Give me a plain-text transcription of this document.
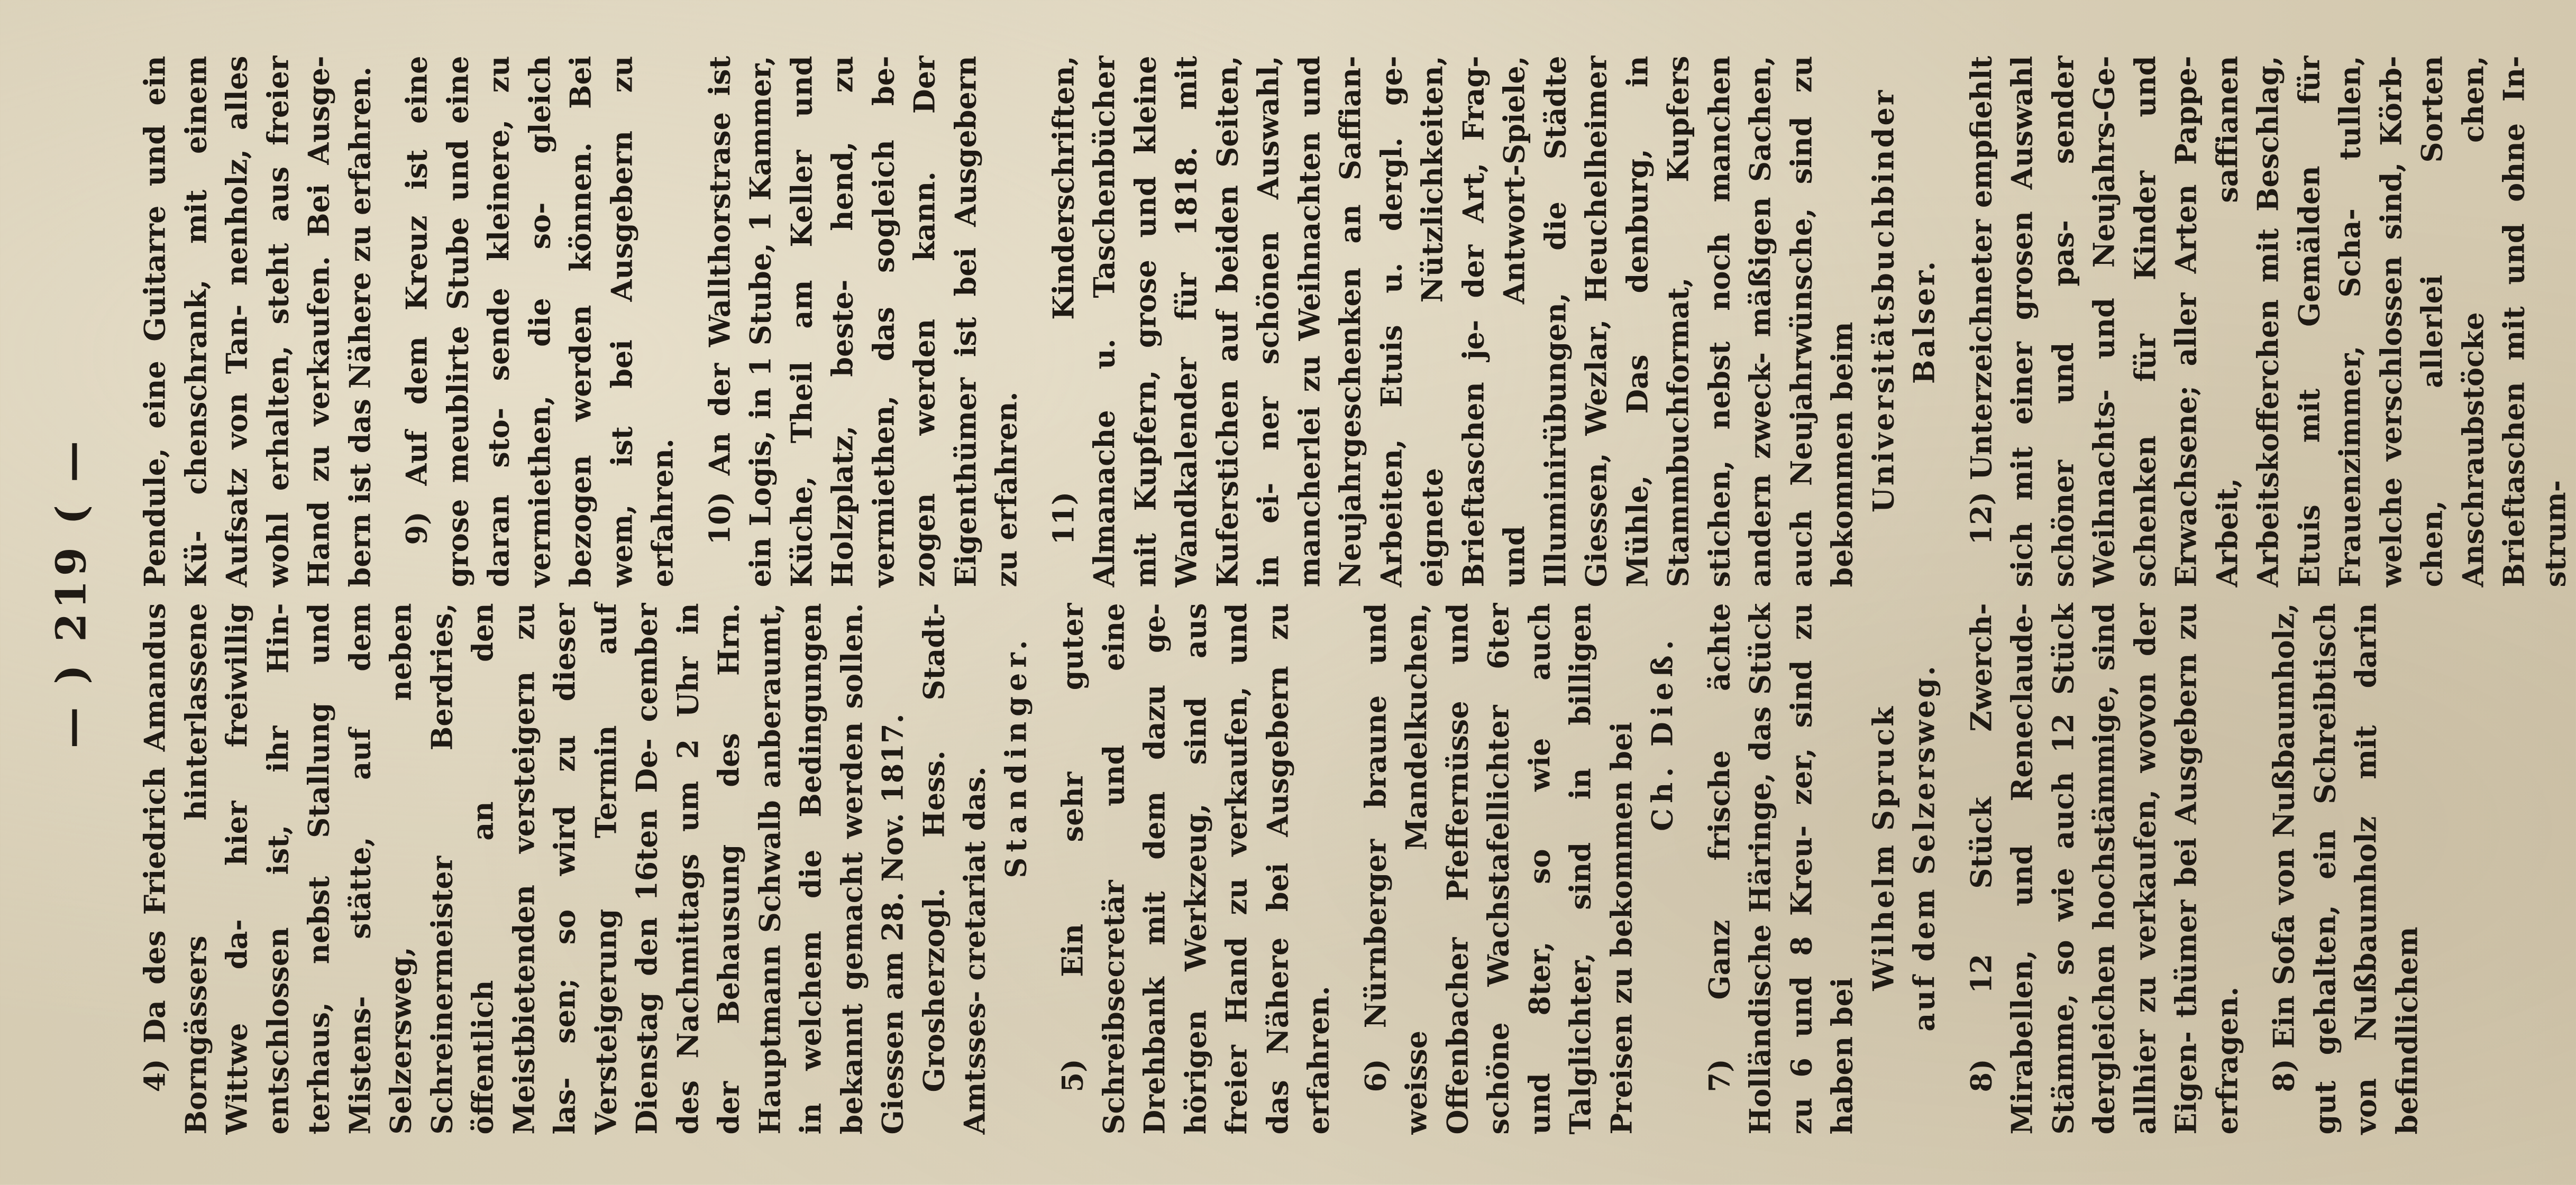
— ) 219 ( —

4) Da des Friedrich Amandus Borngässers hinterlassene Wittwe da- hier freiwillig entschlossen ist, ihr Hin- terhaus, nebst Stallung und Mistens- stätte, auf dem Selzersweg, neben Schreinermeister Berdries, öffentlich an den Meistbietenden versteigern zu las- sen; so wird zu dieser Versteigerung Termin auf Dienstag den 16ten De- cember des Nachmittags um 2 Uhr in der Behausung des Hrn. Hauptmann Schwalb anberaumt, in welchem die Bedingungen bekannt gemacht werden sollen. Giessen am 28. Nov. 1817. Grosherzogl. Hess. Stadt-Amtsses- cretariat das.

Standinger. 5) Ein sehr guter Schreibsecretär und eine Drehbank mit dem dazu ge- hörigen Werkzeug, sind aus freier Hand zu verkaufen, und das Nähere bei Ausgebern zu erfahren. 6) Nürnberger braune und weisse Mandelkuchen, Offenbacher Pfeffernüsse und schöne Wachstafellichter 6ter und 8ter, so wie auch Talglichter, sind in billigen Preisen zu bekommen bei Ch. Dieß. 7) Ganz frische ächte Holländische Häringe, das Stück zu 6 und 8 Kreu- zer, sind zu haben bei

Wilhelm Spruck auf dem Selzersweg. 8) 12 Stück Zwerch- Mirabellen, und Reneclaude- Stämme, so wie auch 12 Stück dergleichen hochstämmige, sind allhier zu verkaufen, wovon der Eigen- thümer bei Ausgebern zu erfragen. 8) Ein Sofa von Nußbaumholz, gut gehalten, ein Schreibtisch von Nußbaumholz mit darin befindlichem

Pendule, eine Guitarre und ein Kü- chenschrank, mit einem Aufsatz von Tan- nenholz, alles wohl erhalten, steht aus freier Hand zu verkaufen. Bei Ausge- bern ist das Nähere zu erfahren. 9) Auf dem Kreuz ist eine grose meublirte Stube und eine daran sto- sende kleinere, zu vermiethen, die so- gleich bezogen werden können. Bei wem, ist bei Ausgebern zu erfahren. 10) An der Wallthorstrase ist ein Logis, in 1 Stube, 1 Kammer, Küche, Theil am Keller und Holzplatz, beste- hend, zu vermiethen, das sogleich be- zogen werden kann. Der Eigenthümer ist bei Ausgebern zu erfahren. 11) Kinderschriften, Almanache u. Taschenbücher mit Kupfern, grose und kleine Wandkalender für 1818. mit Kuferstichen auf beiden Seiten, in ei- ner schönen Auswahl, mancherlei zu Weihnachten und Neujahrgeschenken an Saffian- Arbeiten, Etuis u. dergl. ge- eignete Nützlichkeiten, Brieftaschen je- der Art, Frag- und Antwort-Spiele, Illuminirübungen, die Städte Giessen, Wezlar, Heuchelheimer Mühle, Das denburg, in Stammbuchformat, Kupfers stichen, nebst noch manchen andern zweck- mäßigen Sachen, auch Neujahrwünsche, sind zu bekommen beim Universitätsbuchbinder Balser. 12) Unterzeichneter empfiehlt sich mit einer grosen Auswahl schöner und pas- sender Weihnachts- und Neujahrs-Ge- schenken für Kinder und Erwachsene; aller Arten Pappe-Arbeit, saffianen Arbeitskofferchen mit Beschlag, Etuis mit Gemälden für Frauenzimmer, Scha- tullen, welche verschlossen sind, Körb- chen, allerlei Sorten Anschraubstöcke chen, Brieftaschen mit und ohne In- strum-
